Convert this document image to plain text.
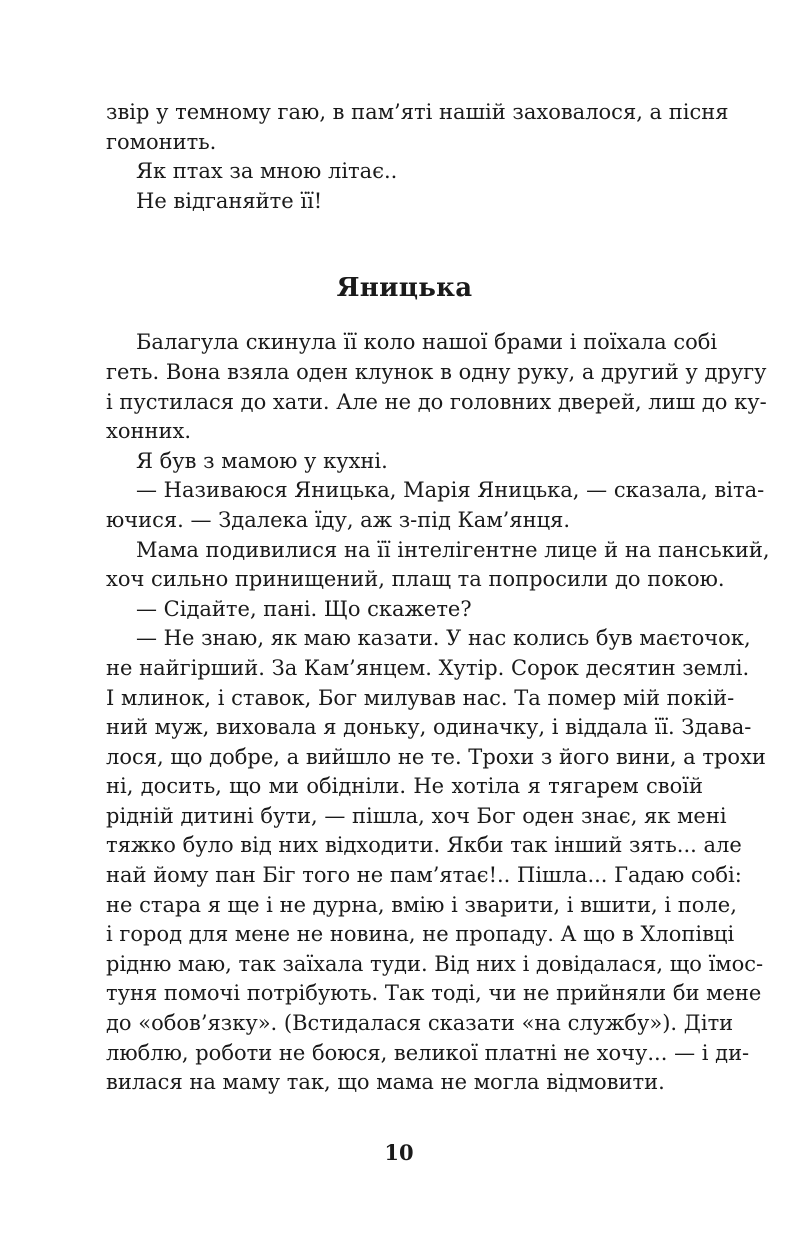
звір у темному гаю, в пам’яті нашій заховалося, а пісня
гомонить.
Як птах за мною літає..
Не відганяйте її!
Яницька
Балагула скинула її коло нашої брами і поїхала собі
геть. Вона взяла оден клунок в одну руку, а другий у другу
і пустилася до хати. Але не до головних дверей, лиш до ку-
хонних.
Я був з мамою у кухні.
— Називаюся Яницька, Марія Яницька, — сказала, віта-
ючися. — Здалека їду, аж з-під Кам’янця.
Мама подивилися на її інтелігентне лице й на панський,
хоч сильно принищений, плащ та попросили до покою.
— Сідайте, пані. Що скажете?
— Не знаю, як маю казати. У нас колись був маєточок,
не найгірший. За Кам’янцем. Хутір. Сорок десятин землі.
І млинок, і ставок, Бог милував нас. Та помер мій покій-
ний муж, виховала я доньку, одиначку, і віддала її. Здава-
лося, що добре, а вийшло не те. Трохи з його вини, а трохи
ні, досить, що ми обідніли. Не хотіла я тягарем своїй
рідній дитині бути, — пішла, хоч Бог оден знає, як мені
тяжко було від них відходити. Якби так інший зять... але
най йому пан Біг того не пам’ятає!.. Пішла... Гадаю собі:
не стара я ще і не дурна, вмію і зварити, і вшити, і поле,
і город для мене не новина, не пропаду. А що в Хлопівці
рідню маю, так заїхала туди. Від них і довідалася, що їмос-
туня помочі потрібують. Так тоді, чи не прийняли би мене
до «обов’язку». (Встидалася сказати «на службу»). Діти
люблю, роботи не боюся, великої платні не хочу... — і ди-
вилася на маму так, що мама не могла відмовити.
10
